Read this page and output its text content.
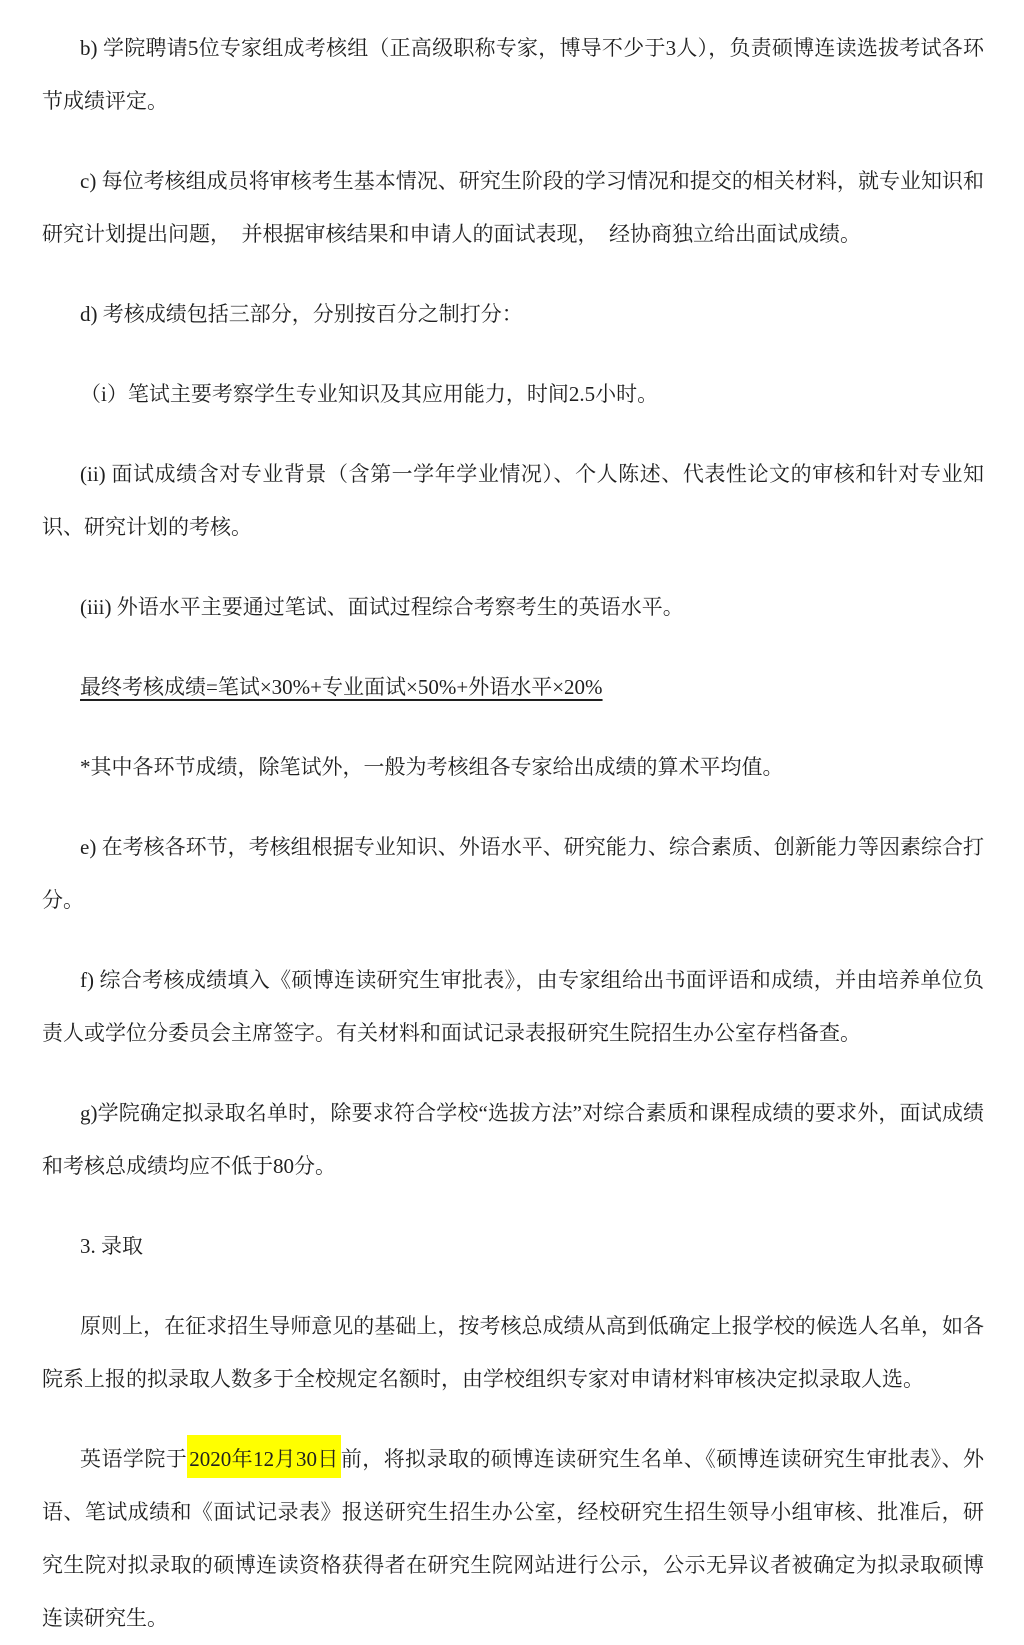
b) 学院聘请5位专家组成考核组（正高级职称专家，博导不少于3人），负责硕博连读选拔考试各环节成绩评定。

c) 每位考核组成员将审核考生基本情况、研究生阶段的学习情况和提交的相关材料，就专业知识和研究计划提出问题，　并根据审核结果和申请人的面试表现，　经协商独立给出面试成绩。

d) 考核成绩包括三部分，分别按百分之制打分：

（i）笔试主要考察学生专业知识及其应用能力，时间2.5小时。

(ii) 面试成绩含对专业背景（含第一学年学业情况）、个人陈述、代表性论文的审核和针对专业知识、研究计划的考核。

(iii) 外语水平主要通过笔试、面试过程综合考察考生的英语水平。

最终考核成绩=笔试×30%+专业面试×50%+外语水平×20%

*其中各环节成绩，除笔试外，一般为考核组各专家给出成绩的算术平均值。

e) 在考核各环节，考核组根据专业知识、外语水平、研究能力、综合素质、创新能力等因素综合打分。

f) 综合考核成绩填入《硕博连读研究生审批表》，由专家组给出书面评语和成绩，并由培养单位负责人或学位分委员会主席签字。有关材料和面试记录表报研究生院招生办公室存档备查。

g)学院确定拟录取名单时，除要求符合学校“选拔方法”对综合素质和课程成绩的要求外，面试成绩和考核总成绩均应不低于80分。

3. 录取

原则上，在征求招生导师意见的基础上，按考核总成绩从高到低确定上报学校的候选人名单，如各院系上报的拟录取人数多于全校规定名额时，由学校组织专家对申请材料审核决定拟录取人选。

英语学院于2020年12月30日前，将拟录取的硕博连读研究生名单、《硕博连读研究生审批表》、外语、笔试成绩和《面试记录表》报送研究生招生办公室，经校研究生招生领导小组审核、批准后，研究生院对拟录取的硕博连读资格获得者在研究生院网站进行公示，公示无异议者被确定为拟录取硕博连读研究生。
